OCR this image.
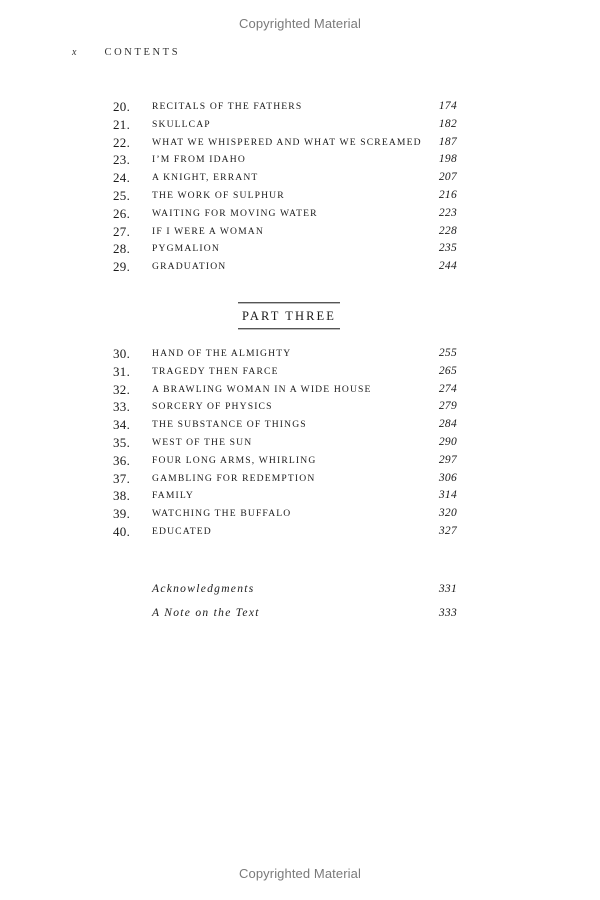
Copyrighted Material
x	CONTENTS
20. RECITALS OF THE FATHERS	174
21. SKULLCAP	182
22. WHAT WE WHISPERED AND WHAT WE SCREAMED 187
23. I’M FROM IDAHO	198
24. A KNIGHT, ERRANT	207
25. THE WORK OF SULPHUR	216
26. WAITING FOR MOVING WATER	223
27. IF I WERE A WOMAN	228
28. PYGMALION	235
29. GRADUATION	244
PART THREE
30. HAND OF THE ALMIGHTY	255
31. TRAGEDY THEN FARCE	265
32. A BRAWLING WOMAN IN A WIDE HOUSE	274
33. SORCERY OF PHYSICS	279
34. THE SUBSTANCE OF THINGS	284
35. WEST OF THE SUN	290
36. FOUR LONG ARMS, WHIRLING	297
37. GAMBLING FOR REDEMPTION	306
38. FAMILY	314
39. WATCHING THE BUFFALO	320
40. EDUCATED	327
Acknowledgments	331
A Note on the Text	333
Copyrighted Material
